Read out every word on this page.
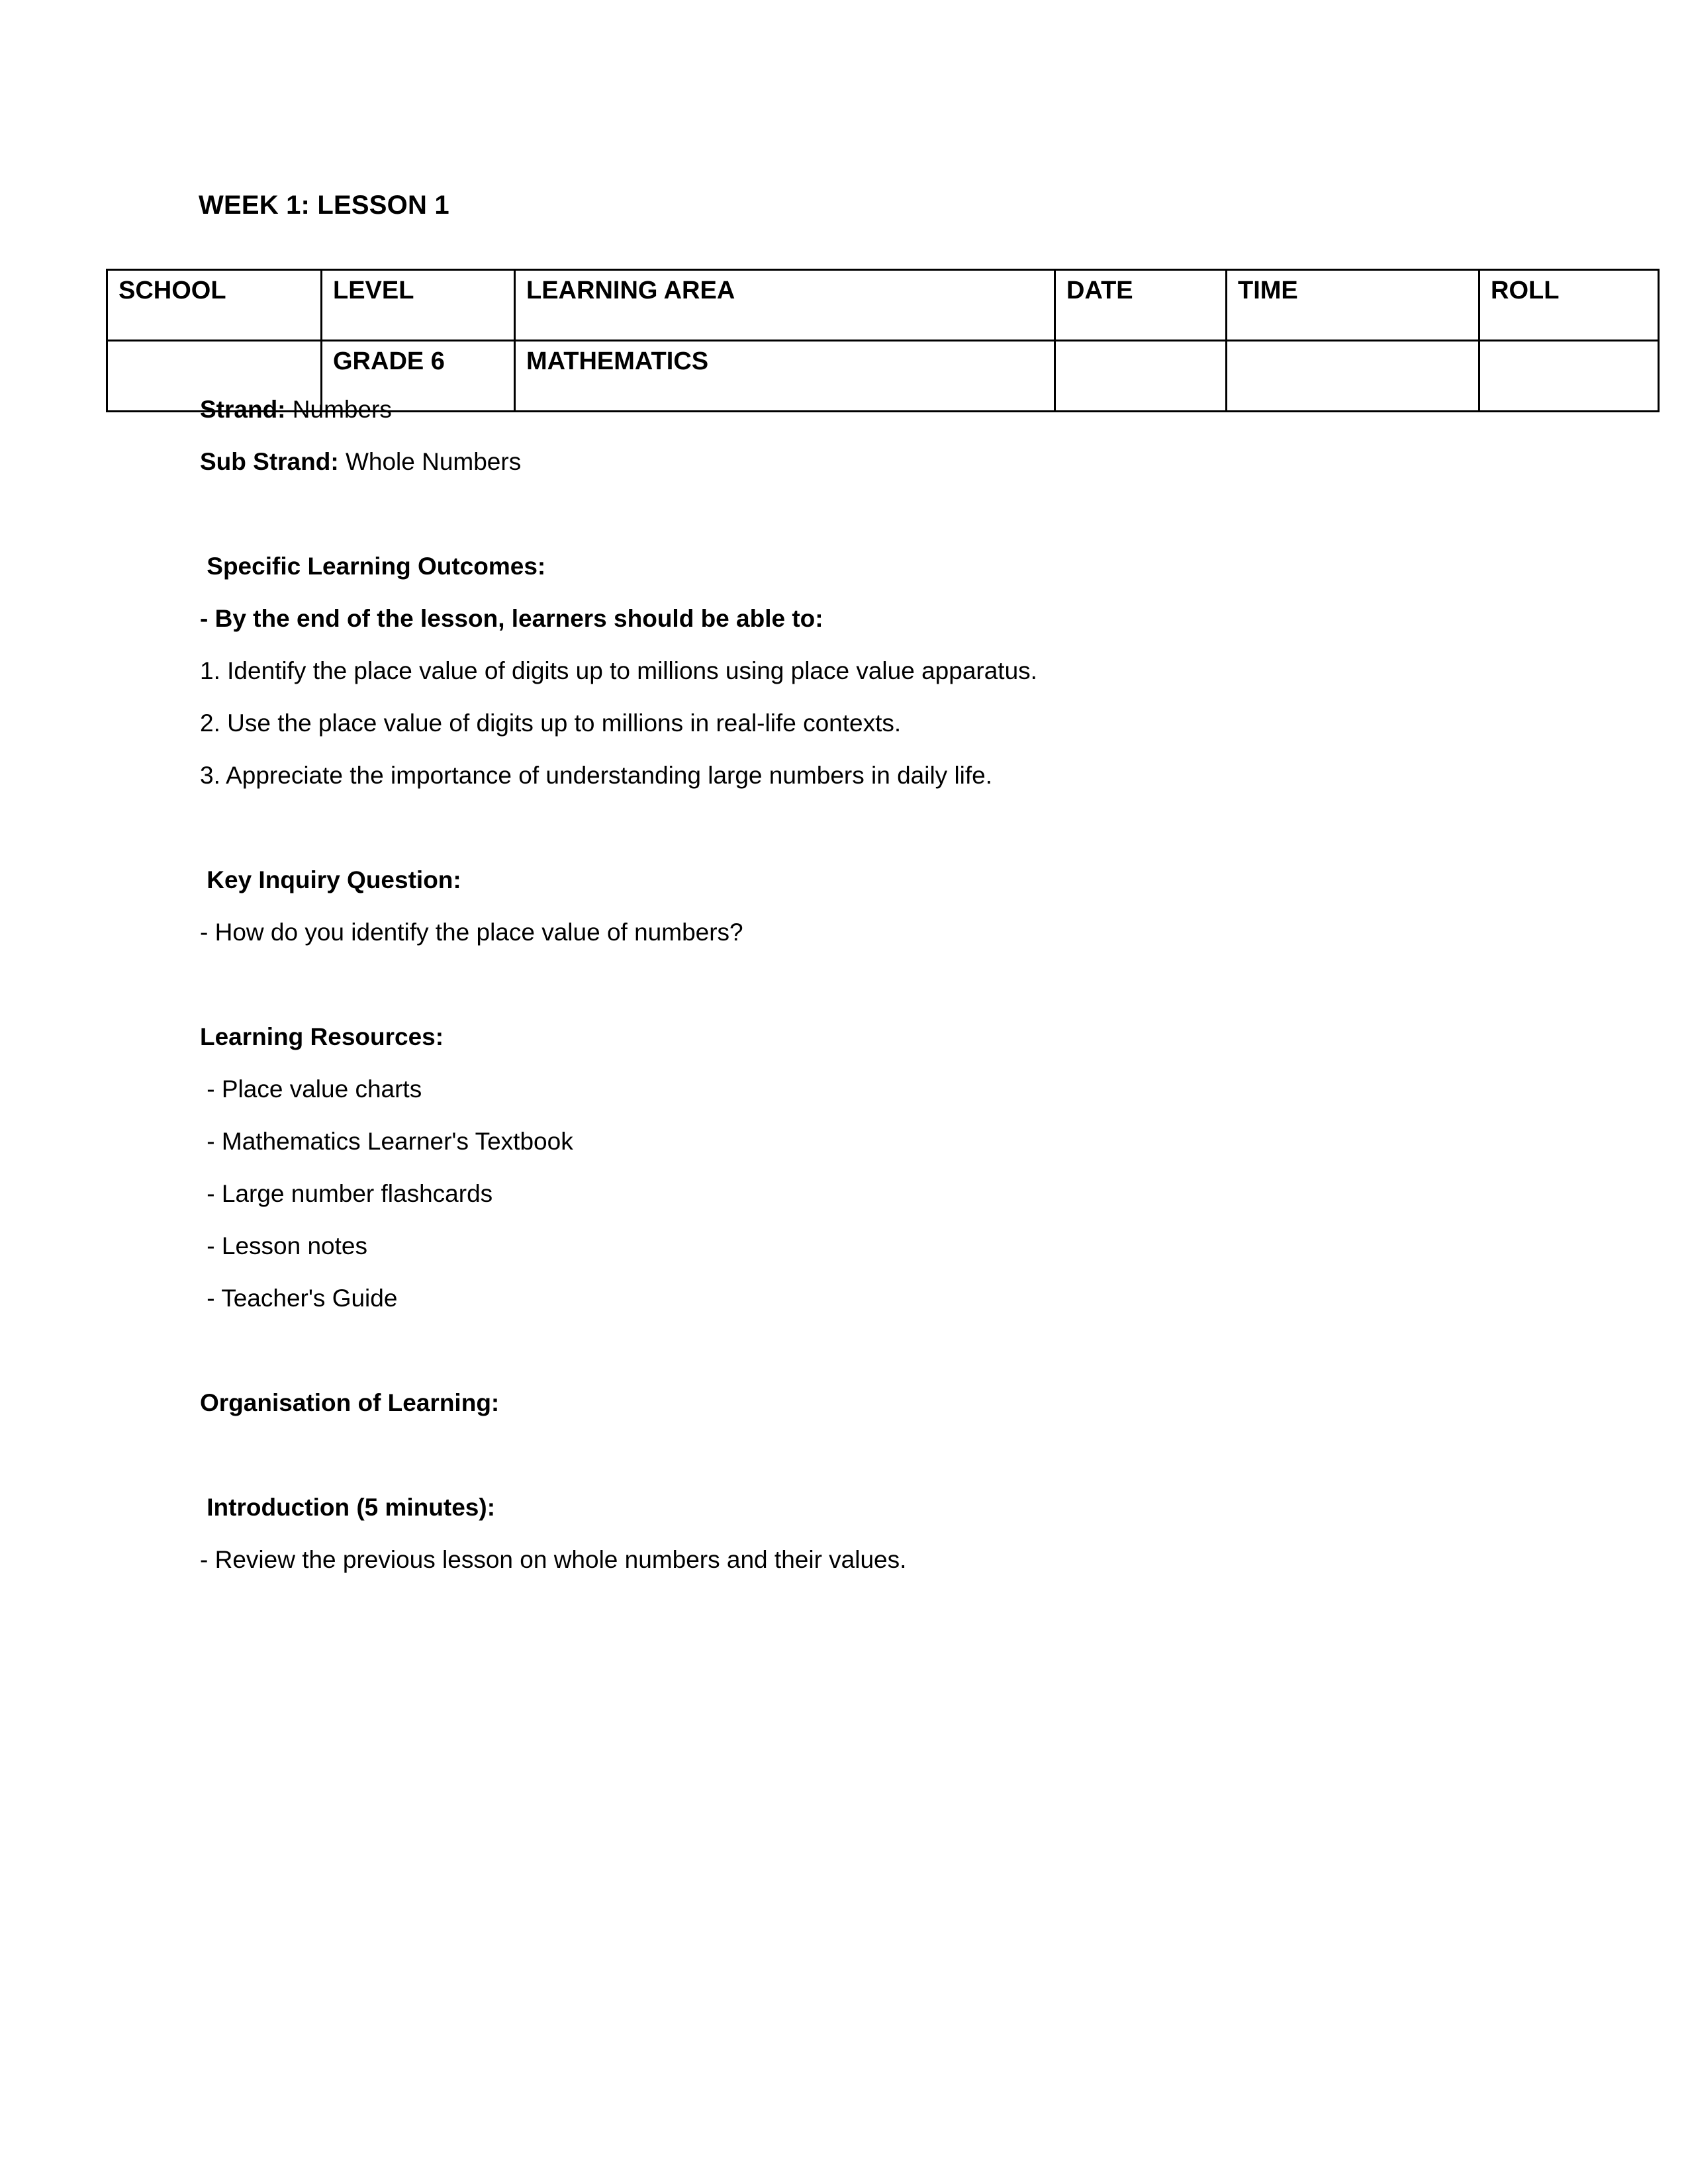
WEEK 1: LESSON 1
SCHOOL	LEVEL	LEARNING AREA	DATE	TIME	ROLL
	GRADE 6	MATHEMATICS			

Strand: Numbers

Sub Strand: Whole Numbers

Specific Learning Outcomes:

- By the end of the lesson, learners should be able to:

1. Identify the place value of digits up to millions using place value apparatus.

2. Use the place value of digits up to millions in real-life contexts.

3. Appreciate the importance of understanding large numbers in daily life.

Key Inquiry Question:

- How do you identify the place value of numbers?

Learning Resources:

- Place value charts

- Mathematics Learner's Textbook

- Large number flashcards

- Lesson notes

- Teacher's Guide

Organisation of Learning:

Introduction (5 minutes):

- Review the previous lesson on whole numbers and their values.
